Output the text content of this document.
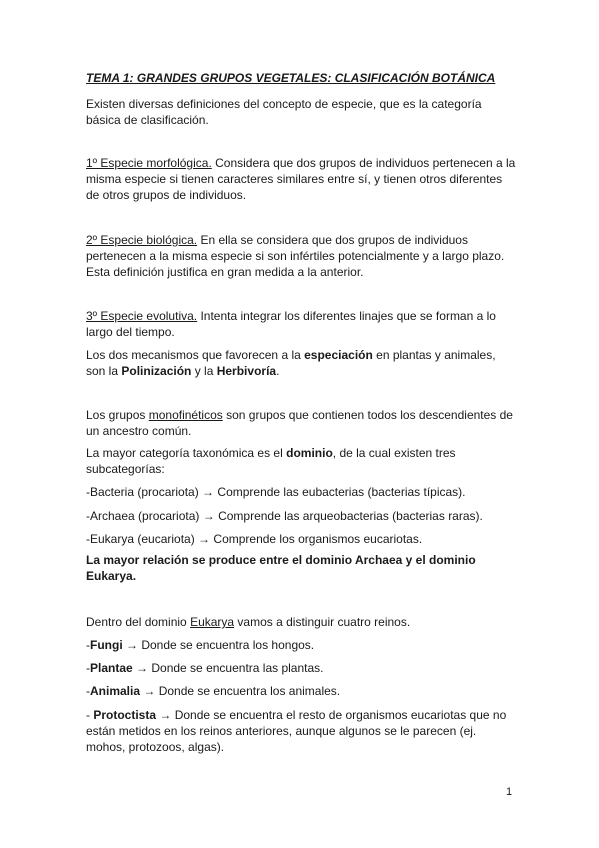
TEMA 1: GRANDES GRUPOS VEGETALES: CLASIFICACIÓN BOTÁNICA

Existen diversas definiciones del concepto de especie, que es la categoría básica de clasificación.

1º Especie morfológica. Considera que dos grupos de individuos pertenecen a la misma especie si tienen caracteres similares entre sí, y tienen otros diferentes de otros grupos de individuos.

2º Especie biológica. En ella se considera que dos grupos de individuos pertenecen a la misma especie si son infértiles potencialmente y a largo plazo. Esta definición justifica en gran medida a la anterior.

3º Especie evolutiva. Intenta integrar los diferentes linajes que se forman a lo largo del tiempo.

Los dos mecanismos que favorecen a la especiación en plantas y animales, son la Polinización y la Herbivoría.

Los grupos monofinéticos son grupos que contienen todos los descendientes de un ancestro común.

La mayor categoría taxonómica es el dominio, de la cual existen tres subcategorías:

-Bacteria (procariota) → Comprende las eubacterias (bacterias típicas).

-Archaea (procariota) → Comprende las arqueobacterias (bacterias raras).

-Eukarya (eucariota) → Comprende los organismos eucariotas.

La mayor relación se produce entre el dominio Archaea y el dominio Eukarya.

Dentro del dominio Eukarya vamos a distinguir cuatro reinos.

-Fungi → Donde se encuentra los hongos.

-Plantae → Donde se encuentra las plantas.

-Animalia → Donde se encuentra los animales.

- Protoctista → Donde se encuentra el resto de organismos eucariotas que no están metidos en los reinos anteriores, aunque algunos se le parecen (ej. mohos, protozoos, algas).

1
